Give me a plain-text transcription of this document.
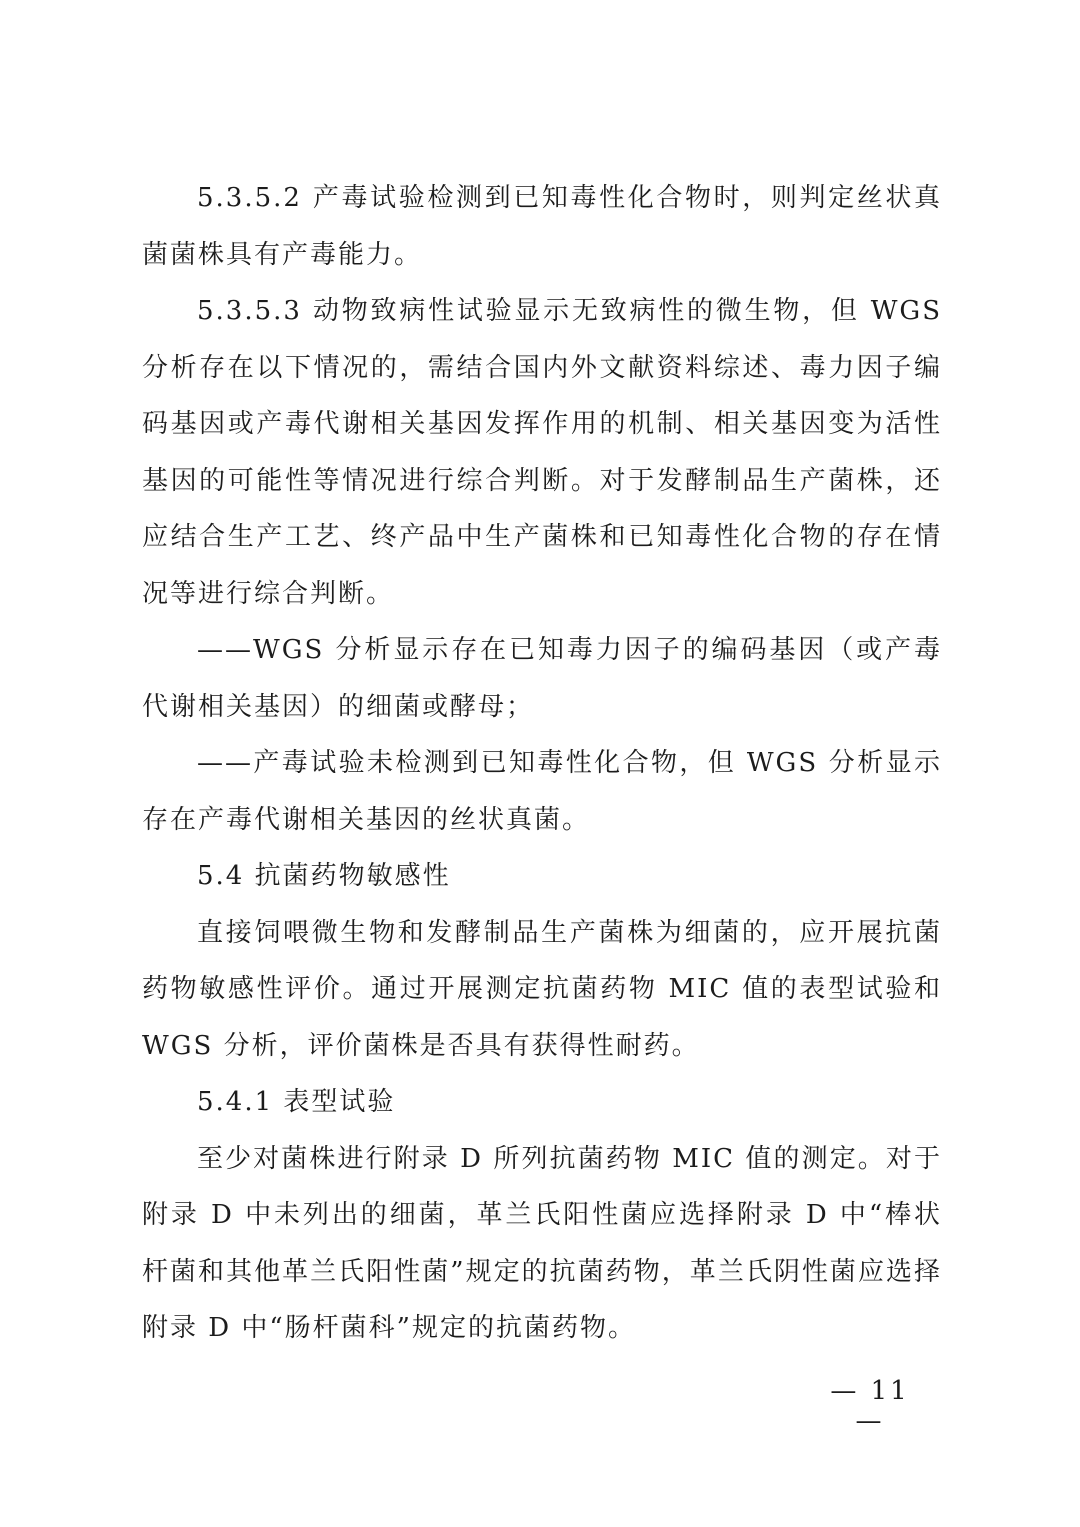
5.3.5.2 产毒试验检测到已知毒性化合物时，则判定丝状真菌菌株具有产毒能力。

5.3.5.3 动物致病性试验显示无致病性的微生物，但 WGS 分析存在以下情况的，需结合国内外文献资料综述、毒力因子编码基因或产毒代谢相关基因发挥作用的机制、相关基因变为活性基因的可能性等情况进行综合判断。对于发酵制品生产菌株，还应结合生产工艺、终产品中生产菌株和已知毒性化合物的存在情况等进行综合判断。

——WGS 分析显示存在已知毒力因子的编码基因（或产毒代谢相关基因）的细菌或酵母；

——产毒试验未检测到已知毒性化合物，但 WGS 分析显示存在产毒代谢相关基因的丝状真菌。

5.4 抗菌药物敏感性

直接饲喂微生物和发酵制品生产菌株为细菌的，应开展抗菌药物敏感性评价。通过开展测定抗菌药物 MIC 值的表型试验和 WGS 分析，评价菌株是否具有获得性耐药。

5.4.1 表型试验

至少对菌株进行附录 D 所列抗菌药物 MIC 值的测定。对于附录 D 中未列出的细菌，革兰氏阳性菌应选择附录 D 中“棒状杆菌和其他革兰氏阳性菌”规定的抗菌药物，革兰氏阴性菌应选择附录 D 中“肠杆菌科”规定的抗菌药物。

— 11 —
